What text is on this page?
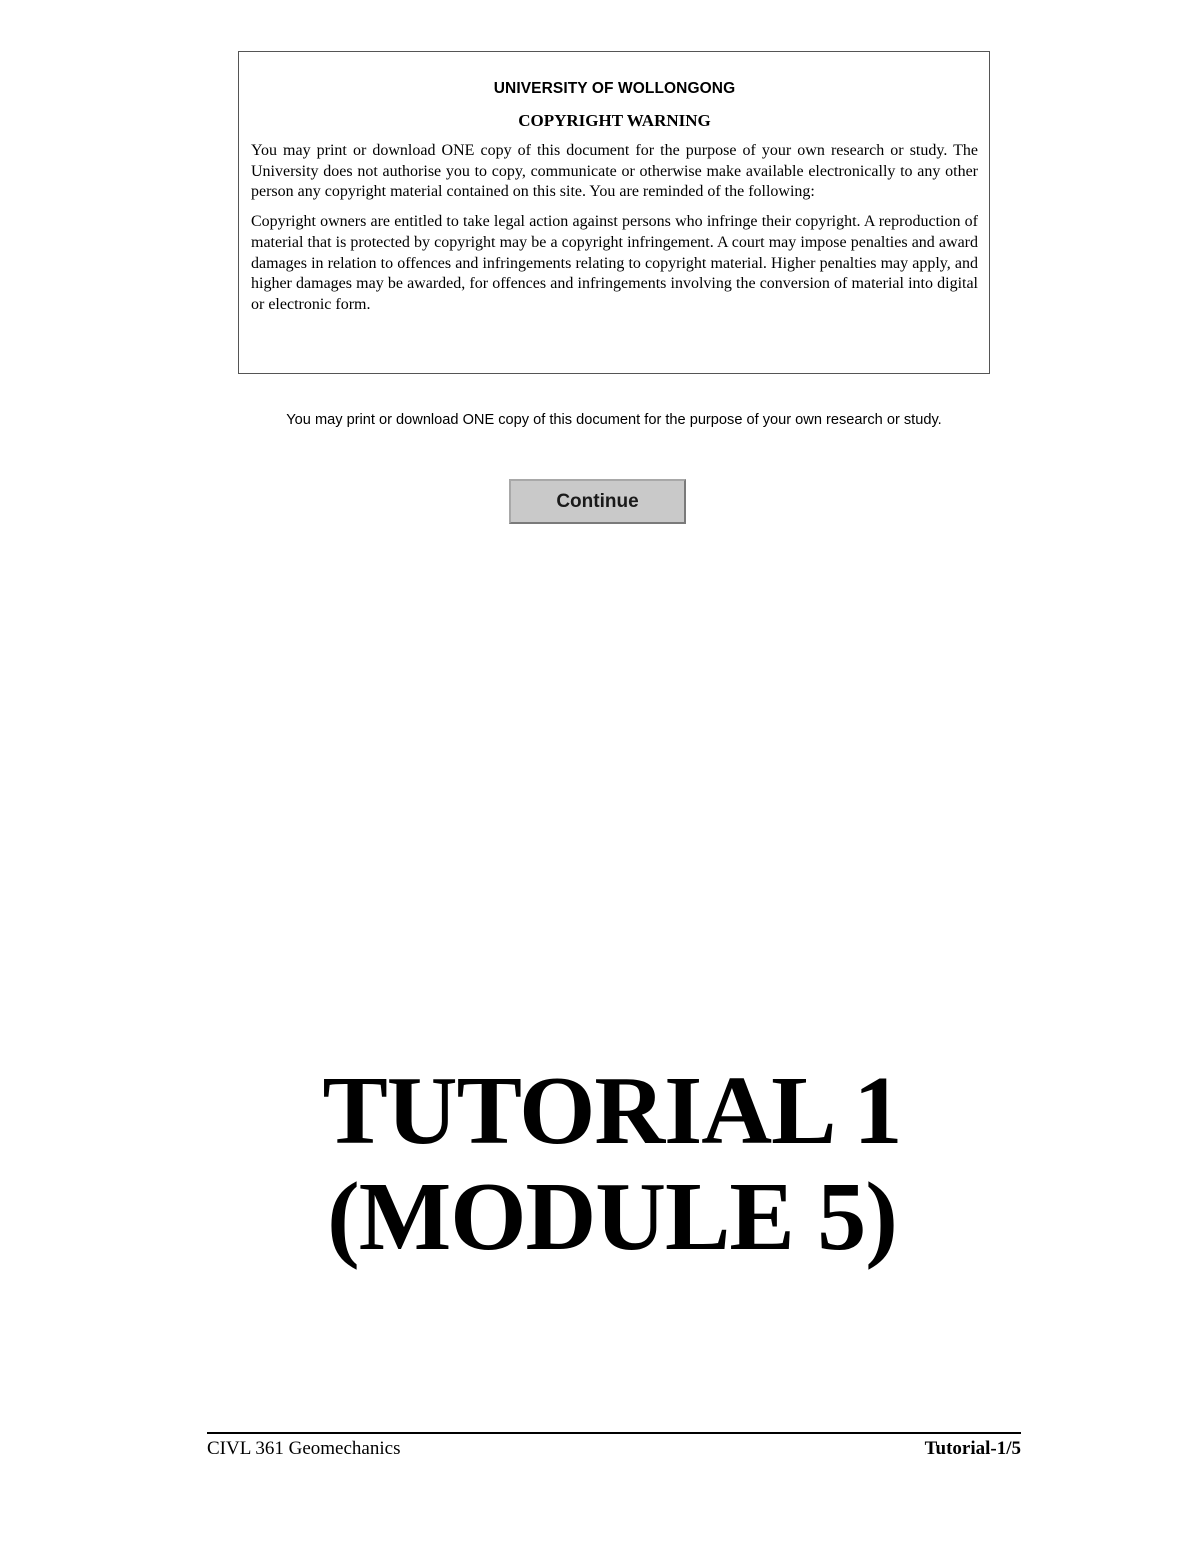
UNIVERSITY OF WOLLONGONG
COPYRIGHT WARNING

You may print or download ONE copy of this document for the purpose of your own research or study. The University does not authorise you to copy, communicate or otherwise make available electronically to any other person any copyright material contained on this site. You are reminded of the following:

Copyright owners are entitled to take legal action against persons who infringe their copyright. A reproduction of material that is protected by copyright may be a copyright infringement. A court may impose penalties and award damages in relation to offences and infringements relating to copyright material. Higher penalties may apply, and higher damages may be awarded, for offences and infringements involving the conversion of material into digital or electronic form.

You may print or download ONE copy of this document for the purpose of your own research or study.
Continue
TUTORIAL 1
(MODULE 5)
CIVL 361 Geomechanics	Tutorial-1/5
